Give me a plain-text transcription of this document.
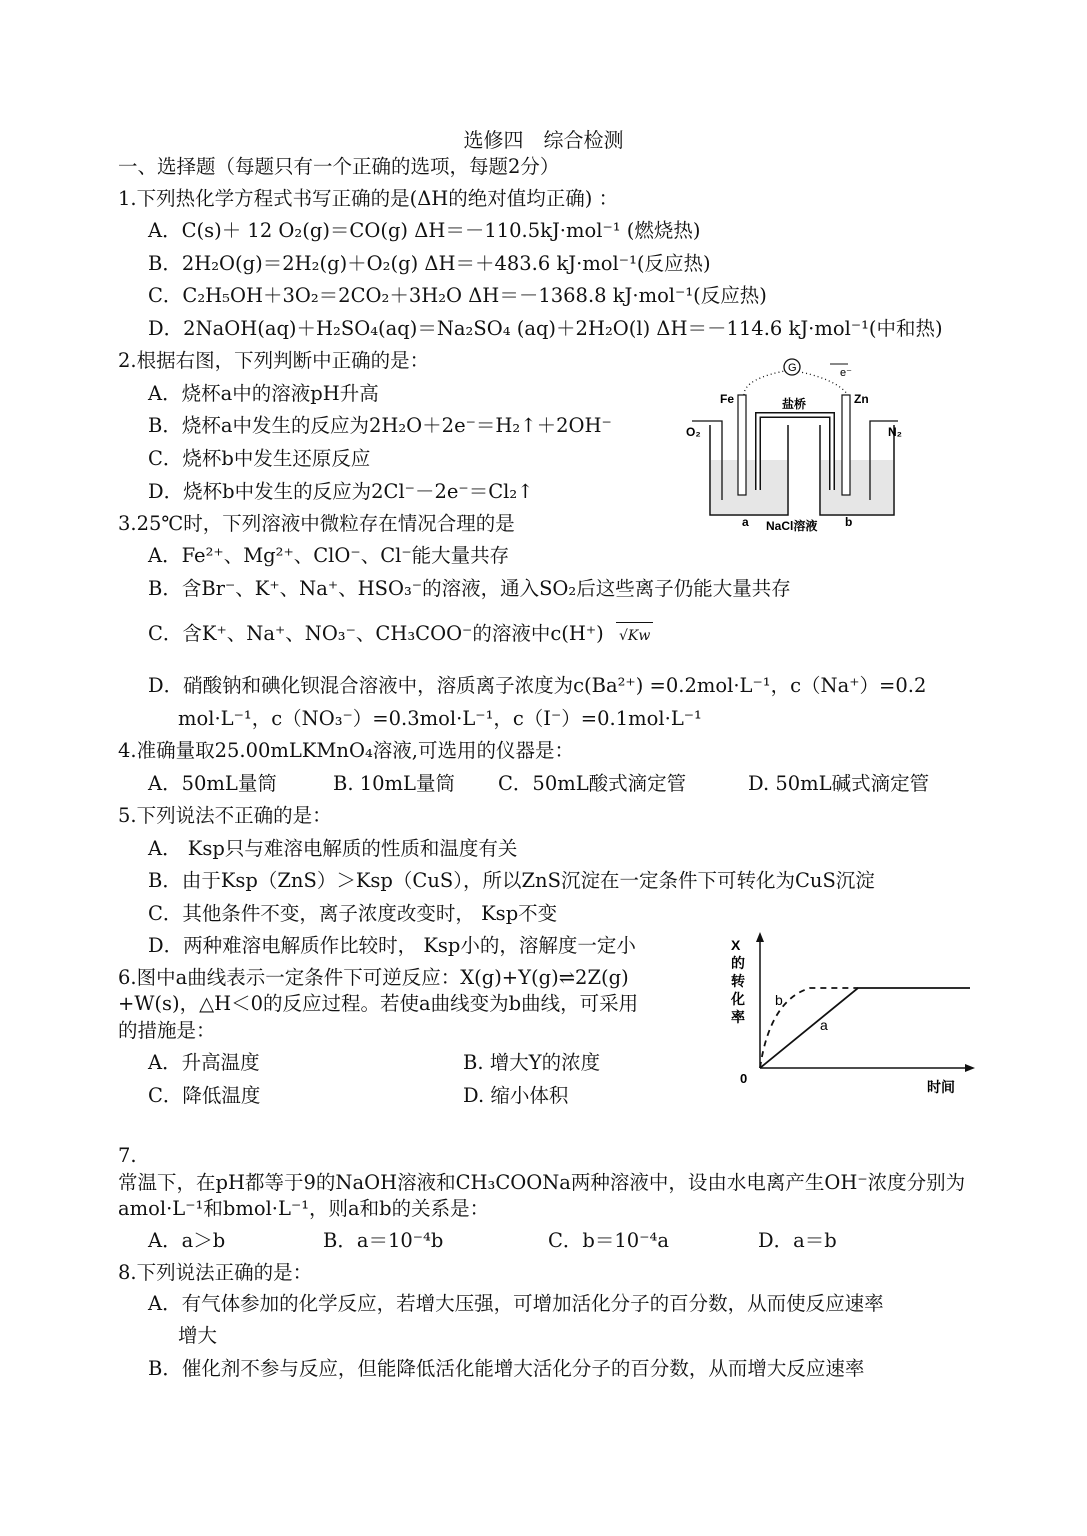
选修四　综合检测
一、选择题（每题只有一个正确的选项，每题2分）
1.下列热化学方程式书写正确的是(ΔH的绝对值均正确) ：
A．C(s)＋ 12 O₂(g)＝CO(g) ΔH＝－110.5kJ·mol⁻¹ (燃烧热)
B．2H₂O(g)＝2H₂(g)＋O₂(g) ΔH＝＋483.6 kJ·mol⁻¹(反应热)
C．C₂H₅OH＋3O₂＝2CO₂＋3H₂O ΔH＝－1368.8 kJ·mol⁻¹(反应热)
D．2NaOH(aq)＋H₂SO₄(aq)＝Na₂SO₄ (aq)＋2H₂O(l) ΔH＝－114.6 kJ·mol⁻¹(中和热)
2.根据右图，下列判断中正确的是：
A．烧杯a中的溶液pH升高
B．烧杯a中发生的反应为2H₂O＋2e⁻＝H₂↑＋2OH⁻
C．烧杯b中发生还原反应
D．烧杯b中发生的反应为2Cl⁻－2e⁻＝Cl₂↑
G	e⁻
Fe	Zn
盐桥
O₂	N₂
a	b
NaCl溶液
3.25℃时，下列溶液中微粒存在情况合理的是
A．Fe²⁺、Mg²⁺、ClO⁻、Cl⁻能大量共存
B．含Br⁻、K⁺、Na⁺、HSO₃⁻的溶液，通入SO₂后这些离子仍能大量共存
C．含K⁺、Na⁺、NO₃⁻、CH₃COO⁻的溶液中c(H⁺) √Kw
D．硝酸钠和碘化钡混合溶液中，溶质离子浓度为c(Ba²⁺) =0.2mol·L⁻¹，c（Na⁺）=0.2
mol·L⁻¹，c（NO₃⁻）=0.3mol·L⁻¹，c（I⁻）=0.1mol·L⁻¹
4.准确量取25.00mLKMnO₄溶液,可选用的仪器是：
A．50mL量筒	B. 10mL量筒 C．50mL酸式滴定管	D. 50mL碱式滴定管
5.下列说法不正确的是：
A． Ksp只与难溶电解质的性质和温度有关
B．由于Ksp（ZnS）＞Ksp（CuS），所以ZnS沉淀在一定条件下可转化为CuS沉淀
C．其他条件不变，离子浓度改变时， Ksp不变
D．两种难溶电解质作比较时， Ksp小的，溶解度一定小
6.图中a曲线表示一定条件下可逆反应：X(g)+Y(g)⇌2Z(g)
+W(s)，△H＜0的反应过程。若使a曲线变为b曲线，可采用
的措施是：
A．升高温度	B. 增大Y的浓度
C．降低温度	D. 缩小体积
X
的
转
化
率
0
时间
a
b
7.
常温下，在pH都等于9的NaOH溶液和CH₃COONa两种溶液中，设由水电离产生OH⁻浓度分别为
amol·L⁻¹和bmol·L⁻¹，则a和b的关系是：
A．a＞b	B．a＝10⁻⁴b	C．b＝10⁻⁴a	D．a＝b
8.下列说法正确的是：
A．有气体参加的化学反应，若增大压强，可增加活化分子的百分数，从而使反应速率
增大
B．催化剂不参与反应，但能降低活化能增大活化分子的百分数，从而增大反应速率
